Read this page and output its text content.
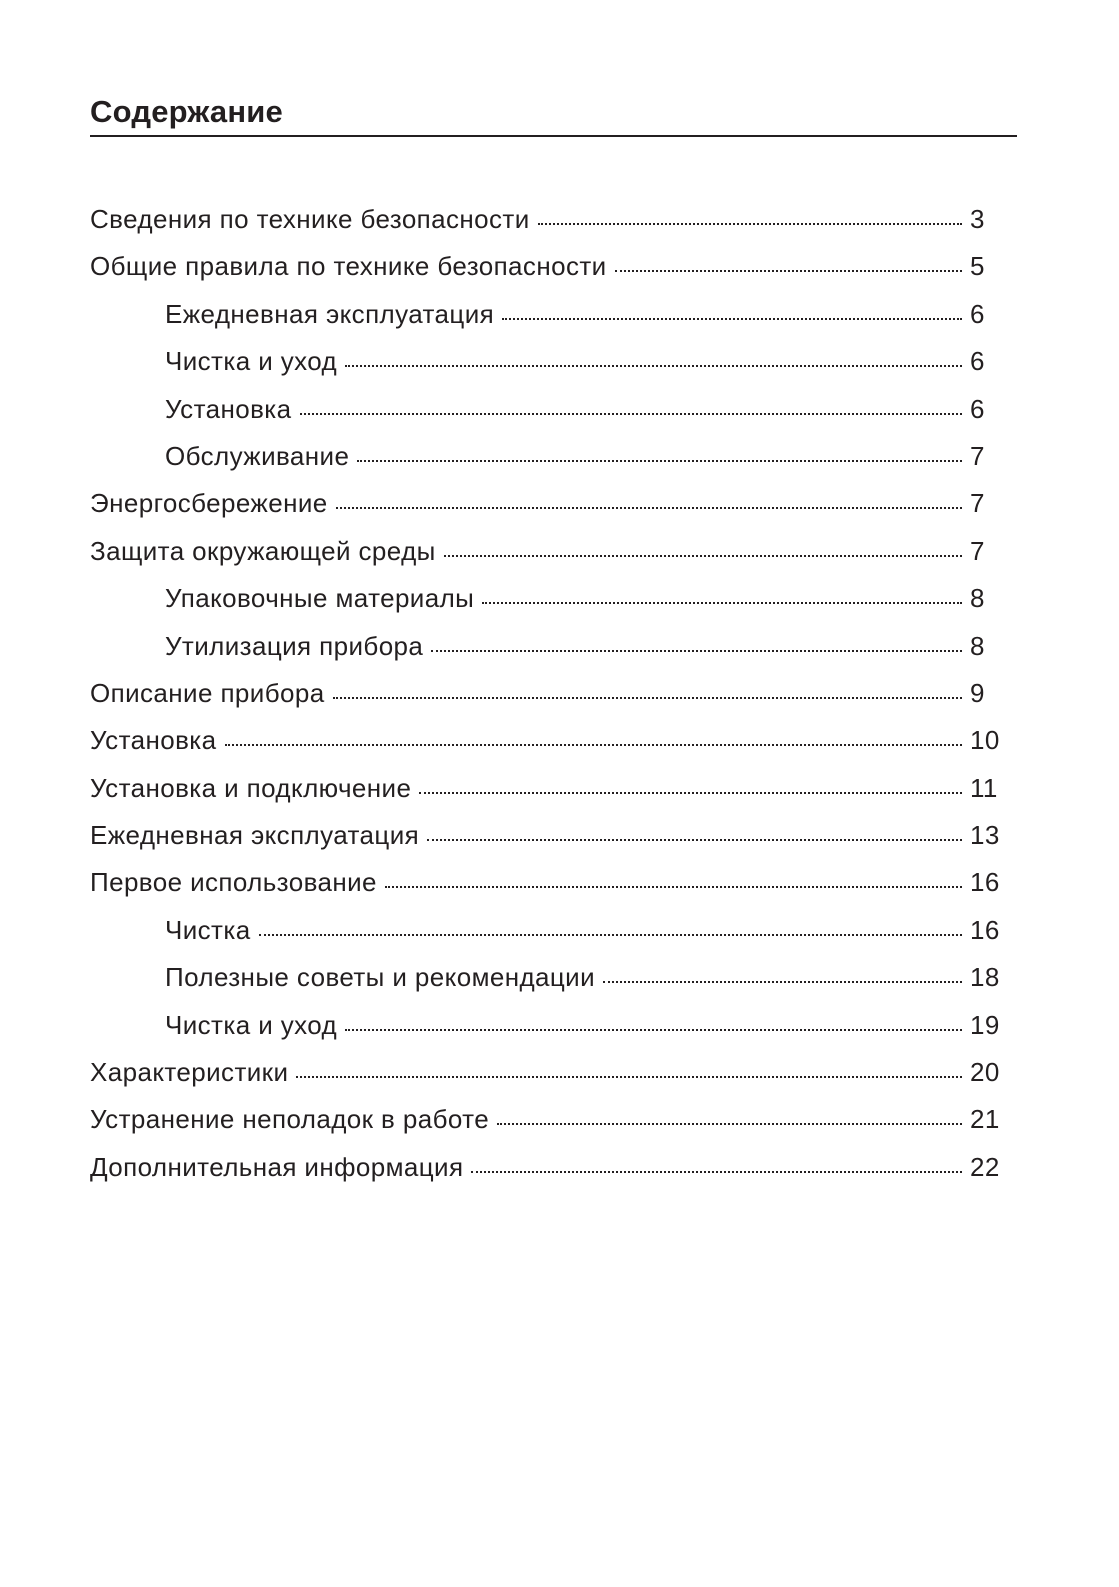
Содержание
Сведения по технике безопасности	3
Общие правила по технике безопасности	5
Ежедневная эксплуатация	6
Чистка и уход	6
Установка	6
Обслуживание	7
Энергосбережение	7
Защита окружающей среды	7
Упаковочные материалы	8
Утилизация прибора	8
Описание прибора	9
Установка	10
Установка и подключение	11
Ежедневная эксплуатация	13
Первое использование	16
Чистка	16
Полезные советы и рекомендации	18
Чистка и уход	19
Характеристики	20
Устранение неполадок в работе	21
Дополнительная информация	22
